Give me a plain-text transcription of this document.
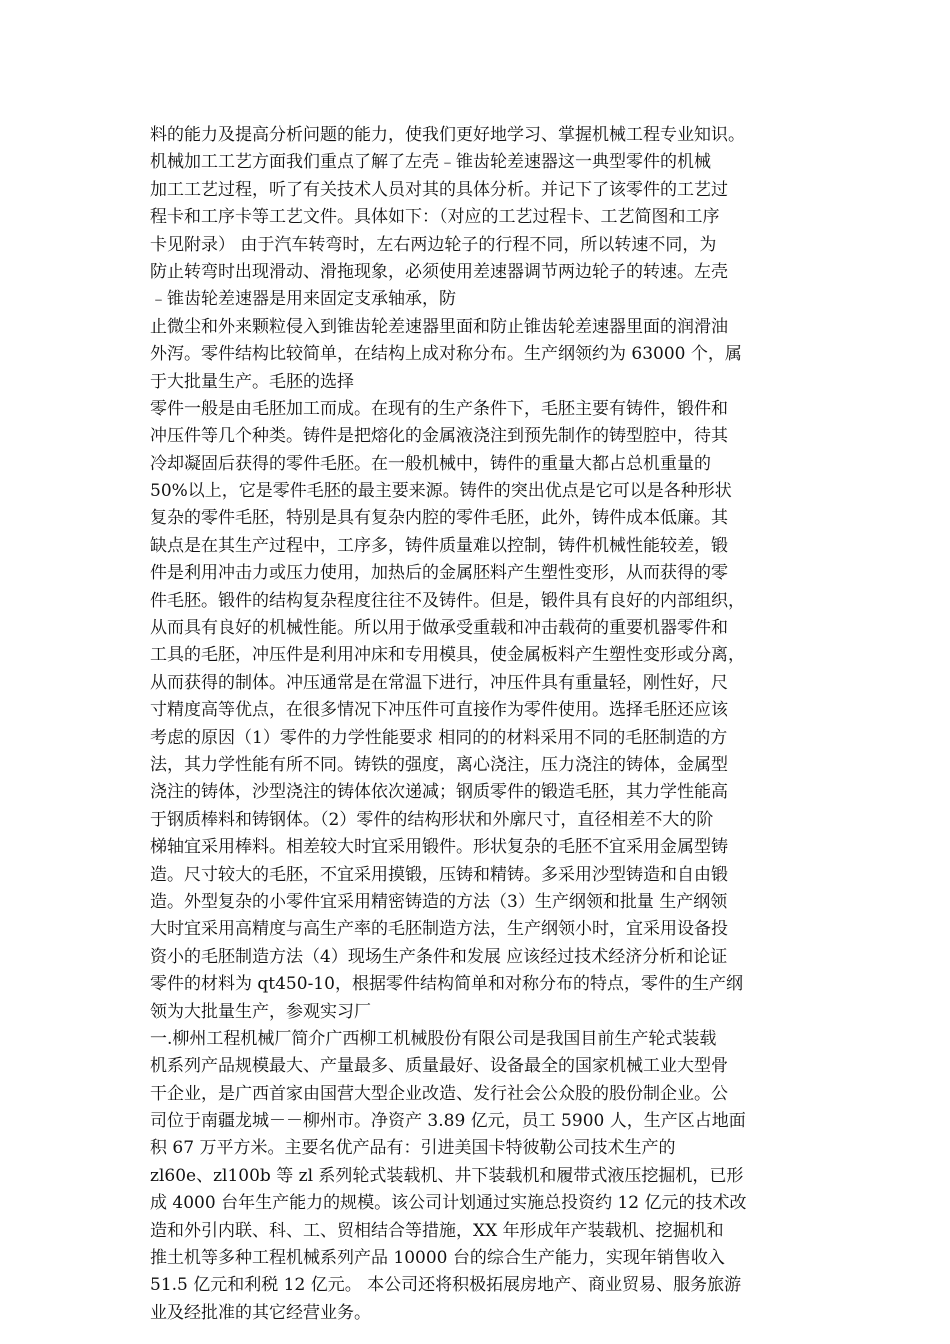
料的能力及提高分析问题的能力，使我们更好地学习、掌握机械工程专业知识。
机械加工工艺方面我们重点了解了左壳﹣锥齿轮差速器这一典型零件的机械
加工工艺过程，听了有关技术人员对其的具体分析。并记下了该零件的工艺过
程卡和工序卡等工艺文件。具体如下：（对应的工艺过程卡、工艺简图和工序
卡见附录） 由于汽车转弯时，左右两边轮子的行程不同，所以转速不同，为
防止转弯时出现滑动、滑拖现象，必须使用差速器调节两边轮子的转速。左壳
﹣锥齿轮差速器是用来固定支承轴承，防
止微尘和外来颗粒侵入到锥齿轮差速器里面和防止锥齿轮差速器里面的润滑油
外泻。零件结构比较简单，在结构上成对称分布。生产纲领约为 63000 个，属
于大批量生产。毛胚的选择
零件一般是由毛胚加工而成。在现有的生产条件下，毛胚主要有铸件，锻件和
冲压件等几个种类。铸件是把熔化的金属液浇注到预先制作的铸型腔中，待其
冷却凝固后获得的零件毛胚。在一般机械中，铸件的重量大都占总机重量的
50%以上，它是零件毛胚的最主要来源。铸件的突出优点是它可以是各种形状
复杂的零件毛胚，特别是具有复杂内腔的零件毛胚，此外，铸件成本低廉。其
缺点是在其生产过程中，工序多，铸件质量难以控制，铸件机械性能较差，锻
件是利用冲击力或压力使用，加热后的金属胚料产生塑性变形，从而获得的零
件毛胚。锻件的结构复杂程度往往不及铸件。但是，锻件具有良好的内部组织，
从而具有良好的机械性能。所以用于做承受重载和冲击载荷的重要机器零件和
工具的毛胚，冲压件是利用冲床和专用模具，使金属板料产生塑性变形或分离，
从而获得的制体。冲压通常是在常温下进行，冲压件具有重量轻，刚性好，尺
寸精度高等优点，在很多情况下冲压件可直接作为零件使用。选择毛胚还应该
考虑的原因（1）零件的力学性能要求 相同的的材料采用不同的毛胚制造的方
法，其力学性能有所不同。铸铁的强度，离心浇注，压力浇注的铸体，金属型
浇注的铸体，沙型浇注的铸体依次递减；钢质零件的锻造毛胚，其力学性能高
于钢质棒料和铸钢体。（2）零件的结构形状和外廓尺寸，直径相差不大的阶
梯轴宜采用棒料。相差较大时宜采用锻件。形状复杂的毛胚不宜采用金属型铸
造。尺寸较大的毛胚，不宜采用摸锻，压铸和精铸。多采用沙型铸造和自由锻
造。外型复杂的小零件宜采用精密铸造的方法（3）生产纲领和批量 生产纲领
大时宜采用高精度与高生产率的毛胚制造方法，生产纲领小时，宜采用设备投
资小的毛胚制造方法（4）现场生产条件和发展 应该经过技术经济分析和论证
零件的材料为 qt450-10，根据零件结构简单和对称分布的特点，零件的生产纲
领为大批量生产，参观实习厂
一.柳州工程机械厂简介广西柳工机械股份有限公司是我国目前生产轮式装载
机系列产品规模最大、产量最多、质量最好、设备最全的国家机械工业大型骨
干企业，是广西首家由国营大型企业改造、发行社会公众股的股份制企业。公
司位于南疆龙城－－柳州市。净资产 3.89 亿元，员工 5900 人，生产区占地面
积 67 万平方米。主要名优产品有：引进美国卡特彼勒公司技术生产的
zl60e、zl100b 等 zl 系列轮式装载机、井下装载机和履带式液压挖掘机，已形
成 4000 台年生产能力的规模。该公司计划通过实施总投资约 12 亿元的技术改
造和外引内联、科、工、贸相结合等措施，XX 年形成年产装载机、挖掘机和
推土机等多种工程机械系列产品 10000 台的综合生产能力，实现年销售收入
51.5 亿元和利税 12 亿元。 本公司还将积极拓展房地产、商业贸易、服务旅游
业及经批准的其它经营业务。
